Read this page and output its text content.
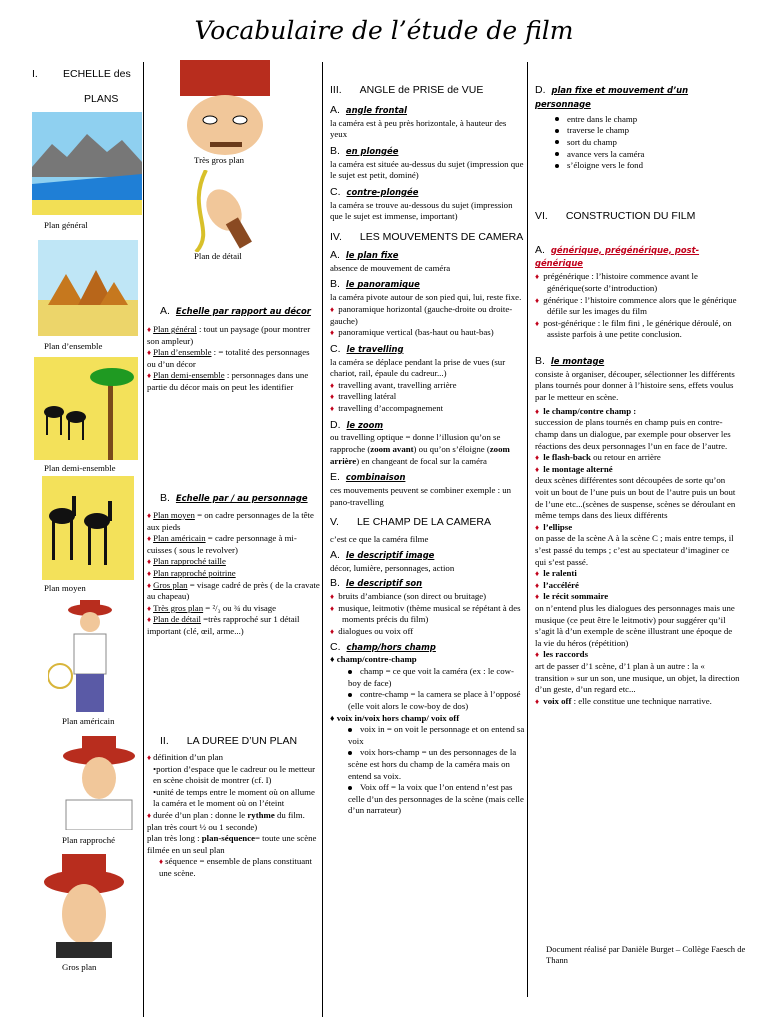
Vocabulaire de l’étude de film
I. ECHELLE des
PLANS
Plan général
Plan d’ensemble
Plan demi-ensemble
Plan moyen
Plan américain
Plan rapproché
Gros plan
Très gros plan
Plan de détail
A. Echelle par rapport au décor
♦ Plan général : tout un paysage (pour montrer son ampleur)
♦ Plan d’ensemble : = totalité des personnages ou d’un décor
♦ Plan demi-ensemble : personnages dans une partie du décor mais on peut les identifier
B. Echelle par / au personnage
♦ Plan moyen = on cadre personnages de la tête aux pieds
♦ Plan américain = cadre personnage à mi-cuisses ( sous le revolver)
♦ Plan rapproché taille
♦ Plan rapproché poitrine
♦ Gros plan = visage cadré de près ( de la cravate au chapeau)
♦ Très gros plan = ²/₃ ou ¾ du visage
♦ Plan de détail =très rapproché sur 1 détail important (clé, œil, arme...)
II. LA DUREE D’UN PLAN
♦ définition d’un plan
•portion d’espace que le cadreur ou le metteur en scène choisit de montrer (cf. I)
•unité de temps entre le moment où on allume la caméra et le moment où on l’éteint
♦ durée d’un plan : donne le rythme du film.
plan très court ½ ou 1 seconde)
plan très long : plan-séquence= toute une scène filmée en un seul plan
♦ séquence = ensemble de plans constituant une scène.
III. ANGLE de PRISE de VUE
A. angle frontal
la caméra est à peu près horizontale, à hauteur des yeux
B. en plongée
la caméra est située au-dessus du sujet (impression que le sujet est petit, dominé)
C. contre-plongée
la caméra se trouve au-dessous du sujet (impression que le sujet est immense, important)
IV. LES MOUVEMENTS DE CAMERA
A. le plan fixe
absence de mouvement de caméra
B. le panoramique
la caméra pivote autour de son pied qui, lui, reste fixe.
♦ panoramique horizontal (gauche-droite ou droite-gauche)
♦ panoramique vertical (bas-haut ou haut-bas)
C. le travelling
la caméra se déplace pendant la prise de vues (sur chariot, rail, épaule du cadreur...)
♦ travelling avant, travelling arrière
♦ travelling latéral
♦ travelling d’accompagnement
D. le zoom
ou travelling optique = donne l’illusion qu’on se rapproche (zoom avant) ou qu’on s’éloigne (zoom arrière) en changeant de focal sur la caméra
E. combinaison
ces mouvements peuvent se combiner exemple : un pano-travelling
V. LE CHAMP DE LA CAMERA
c’est ce que la caméra filme
A. le descriptif image
décor, lumière, personnages, action
B. le descriptif son
♦ bruits d’ambiance (son direct ou bruitage)
♦ musique, leitmotiv (thème musical se répétant à des moments précis du film)
♦ dialogues ou voix off
C. champ/hors champ
♦ champ/contre-champ
champ = ce que voit la caméra (ex : le cow-boy de face)
contre-champ = la camera se place à l’opposé (elle voit alors le cow-boy de dos)
♦ voix in/voix hors champ/ voix off
voix in = on voit le personnage et on entend sa voix
voix hors-champ = un des personnages de la scène est hors du champ de la caméra mais on entend sa voix.
Voix off = la voix que l’on entend n’est pas celle d’un des personnages de la scène (mais celle d’un narrateur)
D. plan fixe et mouvement d’un personnage
entre dans le champ
traverse le champ
sort du champ
avance vers la caméra
s’éloigne vers le fond
VI. CONSTRUCTION DU FILM
A. générique, prégénérique, post-générique
♦ prégénérique : l’histoire commence avant le générique(sorte d’introduction)
♦ générique : l’histoire commence alors que le générique défile sur les images du film
♦ post-générique : le film fini , le générique déroulé, on assiste parfois à une petite conclusion.
B. le montage
consiste à organiser, découper, sélectionner les différents plans tournés pour donner à l’histoire sens, effets voulus par le metteur en scène.
♦ le champ/contre champ :
succession de plans tournés en champ puis en contre-champ dans un dialogue, par exemple pour observer les réactions des deux personnages l’un en face de l’autre.
♦ le flash-back ou retour en arrière
♦ le montage alterné
deux scènes différentes sont découpées de sorte qu’on voit un bout de l’une puis un bout de l’autre puis un bout de l’une etc...(scènes de suspense, scènes se déroulant en même temps dans des lieux différents
♦ l’ellipse
on passe de la scène A à la scène C ; mais entre temps, il s’est passé du temps ; c’est au spectateur d’imaginer ce qui s’est passé.
♦ le ralenti
♦ l’accéléré
♦ le récit sommaire
on n’entend plus les dialogues des personnages mais une musique (ce peut être le leitmotiv) pour suggérer qu’il s’agit là d’un exemple de scène illustrant une époque de la vie du héros (répétition)
♦ les raccords
art de passer d’1 scène, d’1 plan à un autre : la « transition » sur un son, une musique, un objet, la direction d’un geste, d’un regard etc...
♦ voix off : elle constitue une technique narrative.
Document réalisé par Danièle Burget – Collège Faesch de Thann
